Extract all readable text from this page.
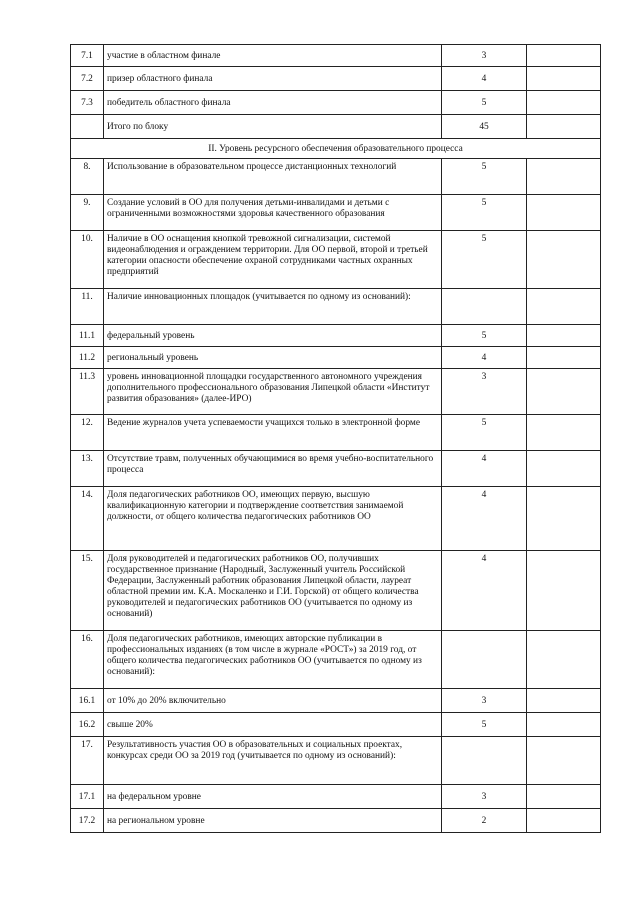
7.1	участие в областном финале	3	
7.2	призер областного финала	4	
7.3	победитель областного финала	5	
	Итого по блоку	45	
II. Уровень ресурсного обеспечения образовательного процесса			
8.	Использование в образовательном процессе дистанционных технологий	5	
9.	Создание условий в ОО для получения детьми-инвалидами и детьми с ограниченными возможностями здоровья качественного образования	5	
10.	Наличие в ОО оснащения кнопкой тревожной сигнализации, системой видеонаблюдения и ограждением территории. Для ОО первой, второй и третьей категории опасности обеспечение охраной сотрудниками частных охранных предприятий	5	
11.	Наличие инновационных площадок (учитывается по одному из оснований):		
11.1	федеральный уровень	5	
11.2	региональный уровень	4	
11.3	уровень инновационной площадки государственного автономного учреждения дополнительного профессионального образования Липецкой области «Институт развития образования» (далее-ИРО)	3	
12.	Ведение журналов учета успеваемости учащихся только в электронной форме	5	
13.	Отсутствие травм, полученных обучающимися во время учебно-воспитательного процесса	4	
14.	Доля педагогических работников ОО, имеющих первую, высшую квалификационную категории и подтверждение соответствия занимаемой должности, от общего количества педагогических работников ОО	4	
15.	Доля руководителей и педагогических работников ОО, получивших государственное признание (Народный, Заслуженный учитель Российской Федерации, Заслуженный работник образования Липецкой области, лауреат областной премии им. К.А. Москаленко и Г.И. Горской) от общего количества руководителей и педагогических работников ОО (учитывается по одному из оснований)	4	
16.	Доля педагогических работников, имеющих авторские публикации в профессиональных изданиях (в том числе в журнале «РОСТ») за 2019 год, от общего количества педагогических работников ОО (учитывается по одному из оснований):		
16.1	от 10% до 20% включительно	3	
16.2	свыше 20%	5	
17.	Результативность участия ОО в образовательных и социальных проектах, конкурсах среди ОО за 2019 год (учитывается по одному из оснований):		
17.1	на федеральном уровне	3	
17.2	на региональном уровне	2	
